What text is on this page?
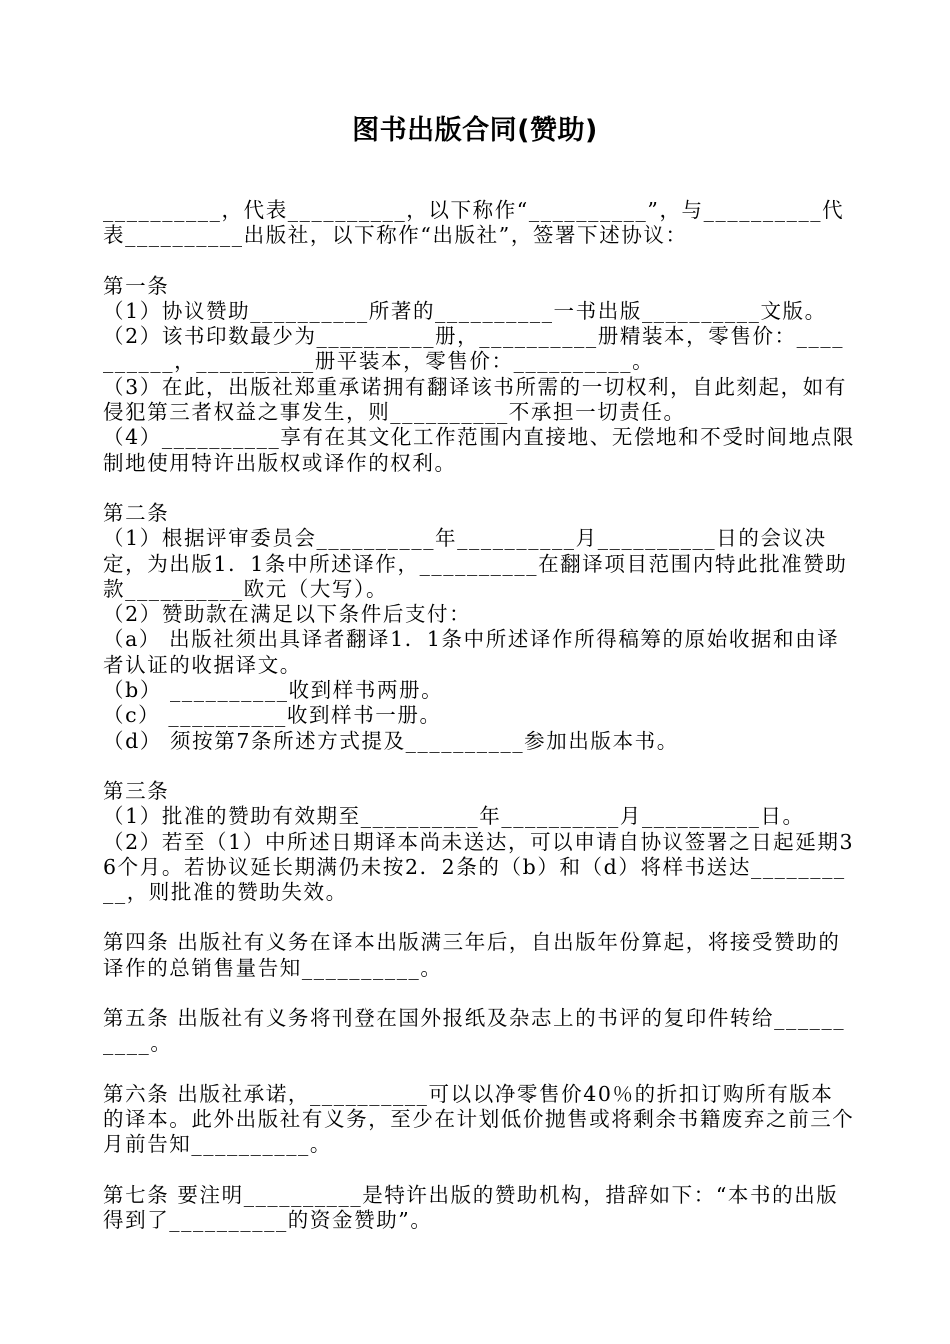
图书出版合同(赞助)

__________，代表__________，以下称作“__________”，与__________代表__________出版社，以下称作“出版社”，签署下述协议：

第一条

（1）协议赞助__________所著的__________一书出版__________文版。

（2）该书印数最少为__________册，__________册精装本，零售价：__________，__________册平装本，零售价：__________。

（3）在此，出版社郑重承诺拥有翻译该书所需的一切权利，自此刻起，如有侵犯第三者权益之事发生，则__________不承担一切责任。

（4）__________享有在其文化工作范围内直接地、无偿地和不受时间地点限制地使用特许出版权或译作的权利。

第二条

（1）根据评审委员会__________年__________月__________日的会议决定，为出版1．1条中所述译作，__________在翻译项目范围内特此批准赞助款__________欧元（大写）。

（2）赞助款在满足以下条件后支付：

（a） 出版社须出具译者翻译1．1条中所述译作所得稿筹的原始收据和由译者认证的收据译文。

（b） __________收到样书两册。

（c） __________收到样书一册。

（d） 须按第7条所述方式提及__________参加出版本书。

第三条

（1）批准的赞助有效期至__________年__________月__________日。

（2）若至（1）中所述日期译本尚未送达，可以申请自协议签署之日起延期36个月。若协议延长期满仍未按2．2条的（b）和（d）将样书送达__________，则批准的赞助失效。

第四条 出版社有义务在译本出版满三年后，自出版年份算起，将接受赞助的译作的总销售量告知__________。

第五条 出版社有义务将刊登在国外报纸及杂志上的书评的复印件转给__________。

第六条 出版社承诺，__________可以以净零售价40％的折扣订购所有版本的译本。此外出版社有义务，至少在计划低价抛售或将剩余书籍废弃之前三个月前告知__________。

第七条 要注明__________是特许出版的赞助机构，措辞如下：“本书的出版得到了__________的资金赞助”。
